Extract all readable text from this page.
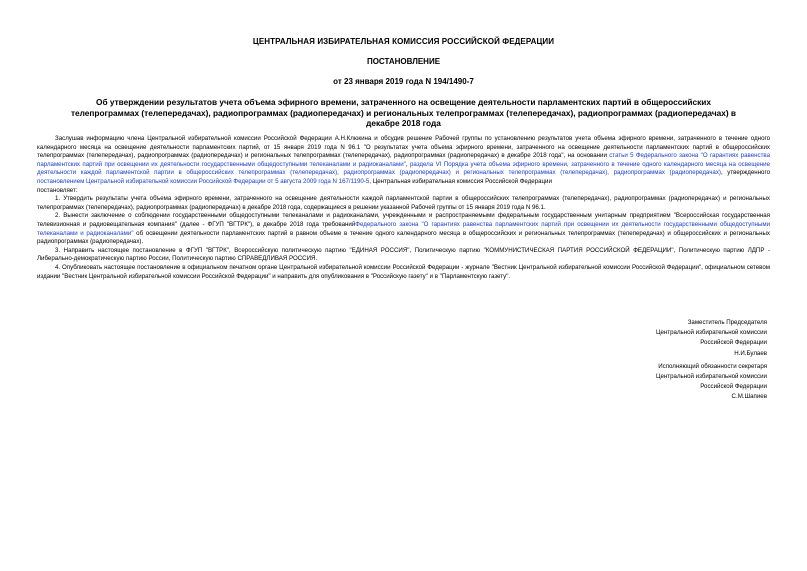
ЦЕНТРАЛЬНАЯ ИЗБИРАТЕЛЬНАЯ КОМИССИЯ РОССИЙСКОЙ ФЕДЕРАЦИИ
ПОСТАНОВЛЕНИЕ
от 23 января 2019 года N 194/1490-7
Об утверждении результатов учета объема эфирного времени, затраченного на освещение деятельности парламентских партий в общероссийских телепрограммах (телепередачах), радиопрограммах (радиопередачах) и региональных телепрограммах (телепередачах), радиопрограммах (радиопередачах) в декабре 2018 года

Заслушав информацию члена Центральной избирательной комиссии Российской Федерации А.Н.Клюкина и обсудив решение Рабочей группы по установлению результатов учета объема эфирного времени, затраченного в течение одного календарного месяца на освещение деятельности парламентских партий, от 15 января 2019 года N 96.1 "О результатах учета объема эфирного времени, затраченного на освещение деятельности парламентских партий в общероссийских телепрограммах (телепередачах), радиопрограммах (радиопередачах) и региональных телепрограммах (телепередачах), радиопрограммах (радиопередачах) в декабре 2018 года", на основании статьи 5 Федерального закона "О гарантиях равенства парламентских партий при освещении их деятельности государственными общедоступными телеканалами и радиоканалами", раздела VI Порядка учета объема эфирного времени, затраченного в течение одного календарного месяца на освещение деятельности каждой парламентской партии в общероссийских телепрограммах (телепередачах), радиопрограммах (радиопередачах) и региональных телепрограммах (телепередачах), радиопрограммах (радиопередачах), утвержденного постановлением Центральной избирательной комиссии Российской Федерации от 5 августа 2009 года N 167/1190-5, Центральная избирательная комиссия Российской Федерации

постановляет:

1. Утвердить результаты учета объема эфирного времени, затраченного на освещение деятельности каждой парламентской партии в общероссийских телепрограммах (телепередачах), радиопрограммах (радиопередачах) и региональных телепрограммах (телепередачах), радиопрограммах (радиопередачах) в декабре 2018 года, содержащиеся в решении указанной Рабочей группы от 15 января 2019 года N 96.1.

2. Вынести заключение о соблюдении государственными общедоступными телеканалами и радиоканалами, учрежденными и распространяемыми федеральным государственным унитарным предприятием "Всероссийская государственная телевизионная и радиовещательная компания" (далее - ФГУП "ВГТРК"), в декабре 2018 года требованийФедерального закона "О гарантиях равенства парламентских партий при освещении их деятельности государственными общедоступными телеканалами и радиоканалами" об освещении деятельности парламентских партий в равном объеме в течение одного календарного месяца в общероссийских и региональных телепрограммах (телепередачах) и общероссийских и региональных радиопрограммах (радиопередачах).

3. Направить настоящее постановление в ФГУП "ВГТРК", Всероссийскую политическую партию "ЕДИНАЯ РОССИЯ", Политическую партию "КОММУНИСТИЧЕСКАЯ ПАРТИЯ РОССИЙСКОЙ ФЕДЕРАЦИИ", Политическую партию ЛДПР - Либерально-демократическую партию России, Политическую партию СПРАВЕДЛИВАЯ РОССИЯ.

4. Опубликовать настоящее постановление в официальном печатном органе Центральной избирательной комиссии Российской Федерации - журнале "Вестник Центральной избирательной комиссии Российской Федерации", официальном сетевом издании "Вестник Центральной избирательной комиссии Российской Федерации" и направить для опубликования в "Российскую газету" и в "Парламентскую газету".

Заместитель Председателя
Центральной избирательной комиссии
Российской Федерации
Н.И.Булаев
Исполняющий обязанности секретаря
Центральной избирательной комиссии
Российской Федерации
С.М.Шапиев
